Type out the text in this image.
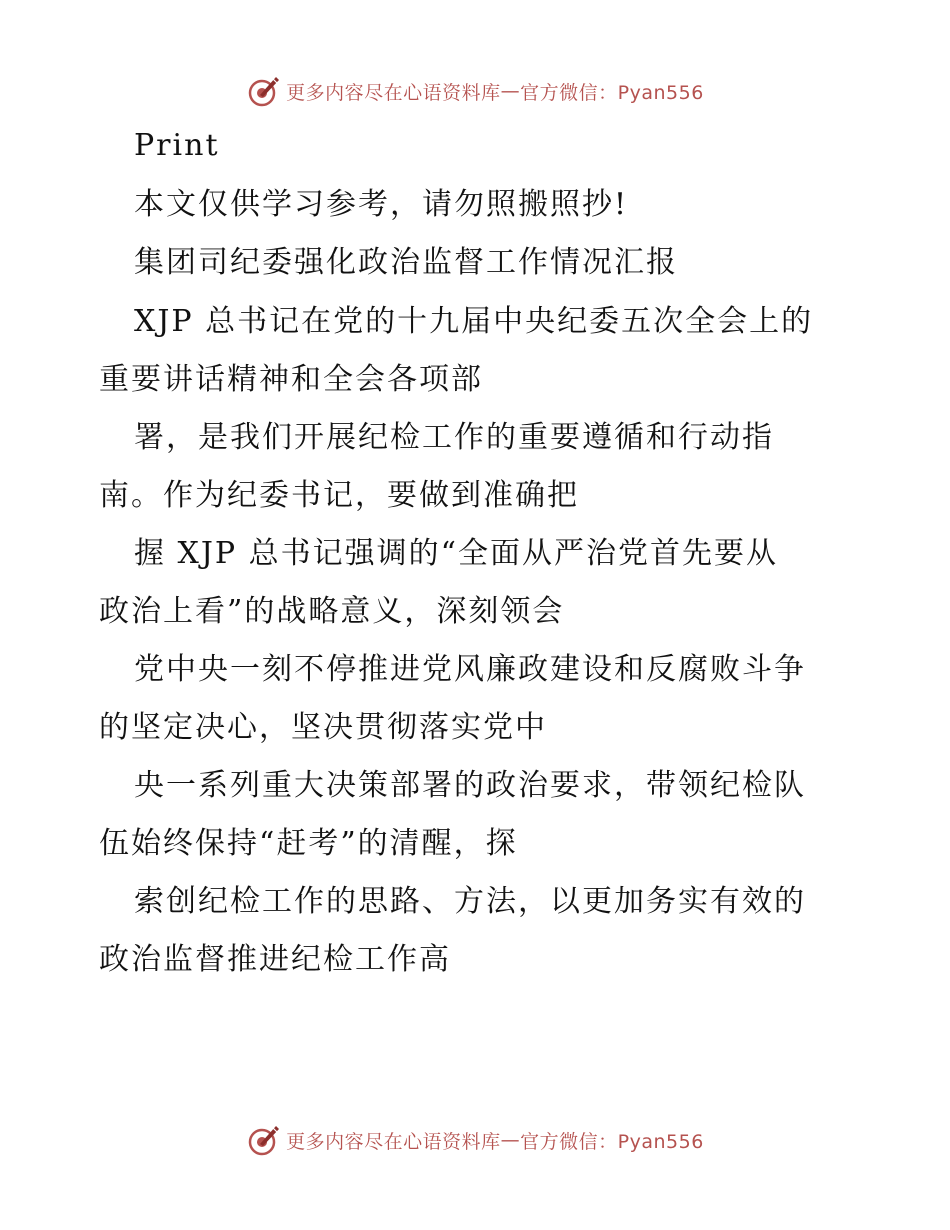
更多内容尽在心语资料库 — 官方微信：Pyan556
Print
本文仅供学习参考，请勿照搬照抄!
集团司纪委强化政治监督工作情况汇报
XJP 总书记在党的十九届中央纪委五次全会上的
重要讲话精神和全会各项部
署，是我们开展纪检工作的重要遵循和行动指
南。作为纪委书记，要做到准确把
握 XJP 总书记强调的“全面从严治党首先要从
政治上看”的战略意义，深刻领会
党中央一刻不停推进党风廉政建设和反腐败斗争
的坚定决心，坚决贯彻落实党中
央一系列重大决策部署的政治要求，带领纪检队
伍始终保持“赶考”的清醒，探
索创纪检工作的思路、方法，以更加务实有效的
政治监督推进纪检工作高
更多内容尽在心语资料库 — 官方微信：Pyan556
